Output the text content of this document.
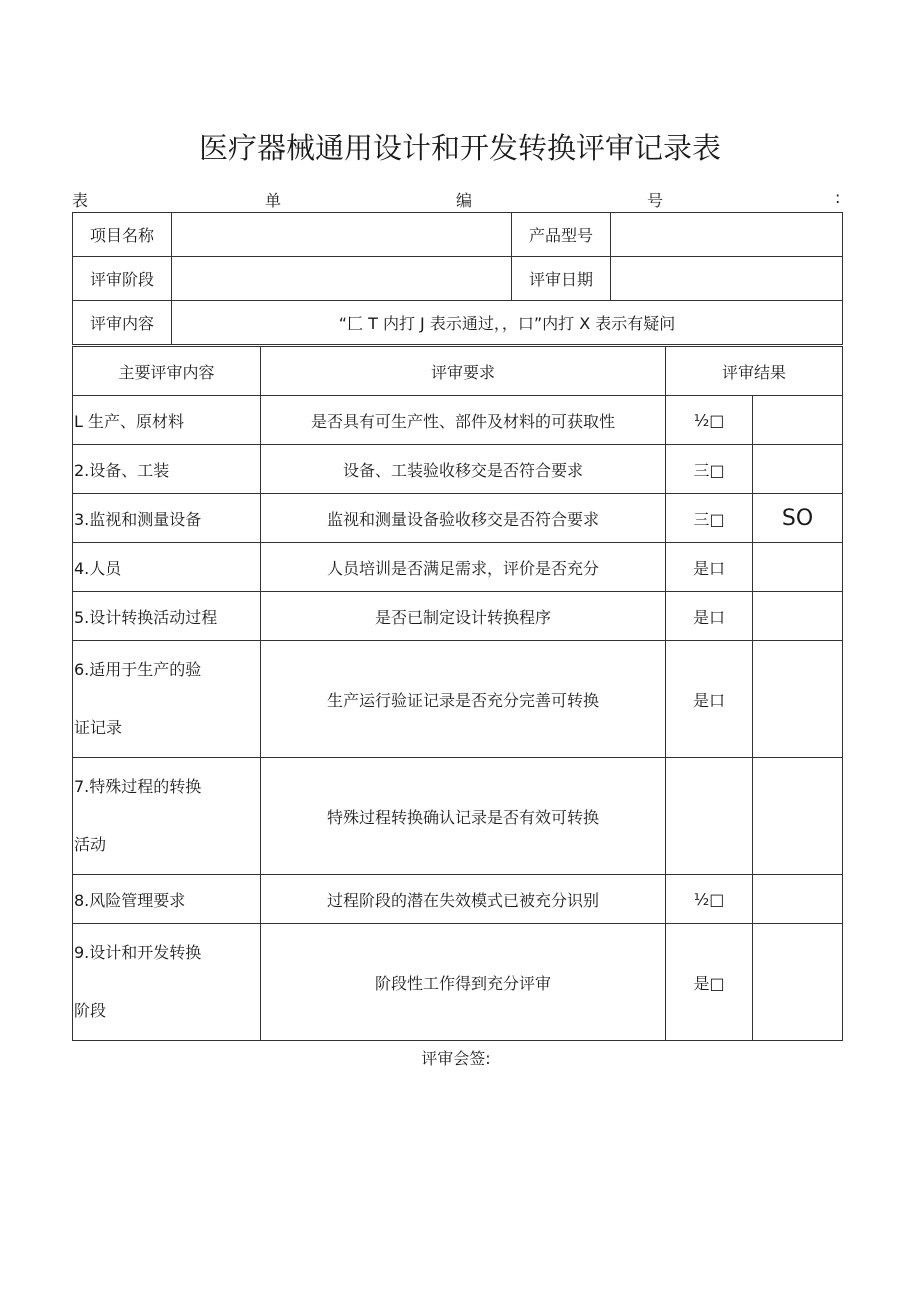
医疗器械通用设计和开发转换评审记录表
表	单	编	号	:
项目名称		产品型号	
评审阶段		评审日期	
评审内容	“匚 T 内打 J 表示通过，，口”内打 X 表示有疑问		
主要评审内容	评审要求	评审结果	
L 生产、原材料	是否具有可生产性、部件及材料的可获取性	½□	
2.设备、工装	设备、工装验收移交是否符合要求	三□	
3.监视和测量设备	监视和测量设备验收移交是否符合要求	三□	SO
4.人员	人员培训是否满足需求，评价是否充分	是口	
5.设计转换活动过程	是否已制定设计转换程序	是口	
6.适用于生产的验
证记录	生产运行验证记录是否充分完善可转换	是口	
7.特殊过程的转换
活动	特殊过程转换确认记录是否有效可转换		
8.风险管理要求	过程阶段的潜在失效模式已被充分识别	½□	
9.设计和开发转换
阶段	阶段性工作得到充分评审	是□	
评审会签:
